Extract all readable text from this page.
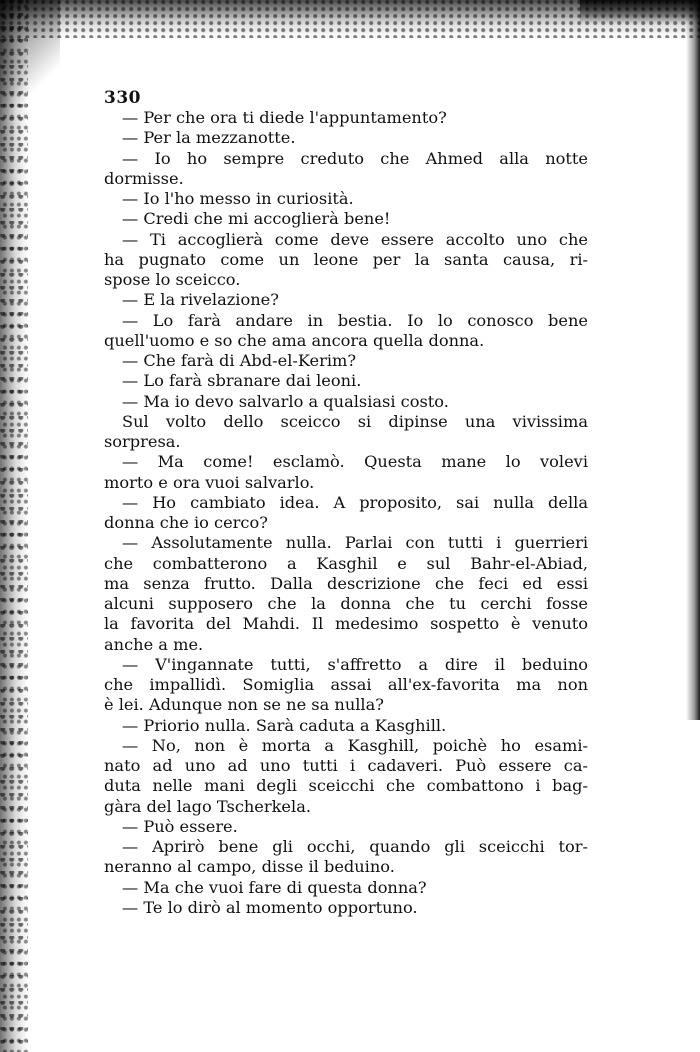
330
— Per che ora ti diede l'appuntamento?
— Per la mezzanotte.
— Io ho sempre creduto che Ahmed alla notte
dormisse.
— Io l'ho messo in curiosità.
— Credi che mi accoglierà bene!
— Ti accoglierà come deve essere accolto uno che
ha pugnato come un leone per la santa causa, ri-
spose lo sceicco.
— E la rivelazione?
— Lo farà andare in bestia. Io lo conosco bene
quell'uomo e so che ama ancora quella donna.
— Che farà di Abd-el-Kerim?
— Lo farà sbranare dai leoni.
— Ma io devo salvarlo a qualsiasi costo.
Sul volto dello sceicco si dipinse una vivissima
sorpresa.
— Ma come! esclamò. Questa mane lo volevi
morto e ora vuoi salvarlo.
— Ho cambiato idea. A proposito, sai nulla della
donna che io cerco?
— Assolutamente nulla. Parlai con tutti i guerrieri
che combatterono a Kasghil e sul Bahr-el-Abiad,
ma senza frutto. Dalla descrizione che feci ed essi
alcuni supposero che la donna che tu cerchi fosse
la favorita del Mahdi. Il medesimo sospetto è venuto
anche a me.
— V'ingannate tutti, s'affretto a dire il beduino
che impallidì. Somiglia assai all'ex-favorita ma non
è lei. Adunque non se ne sa nulla?
— Priorio nulla. Sarà caduta a Kasghill.
— No, non è morta a Kasghill, poichè ho esami-
nato ad uno ad uno tutti i cadaveri. Può essere ca-
duta nelle mani degli sceicchi che combattono i bag-
gàra del lago Tscherkela.
— Può essere.
— Aprirò bene gli occhi, quando gli sceicchi tor-
neranno al campo, disse il beduino.
— Ma che vuoi fare di questa donna?
— Te lo dirò al momento opportuno.
